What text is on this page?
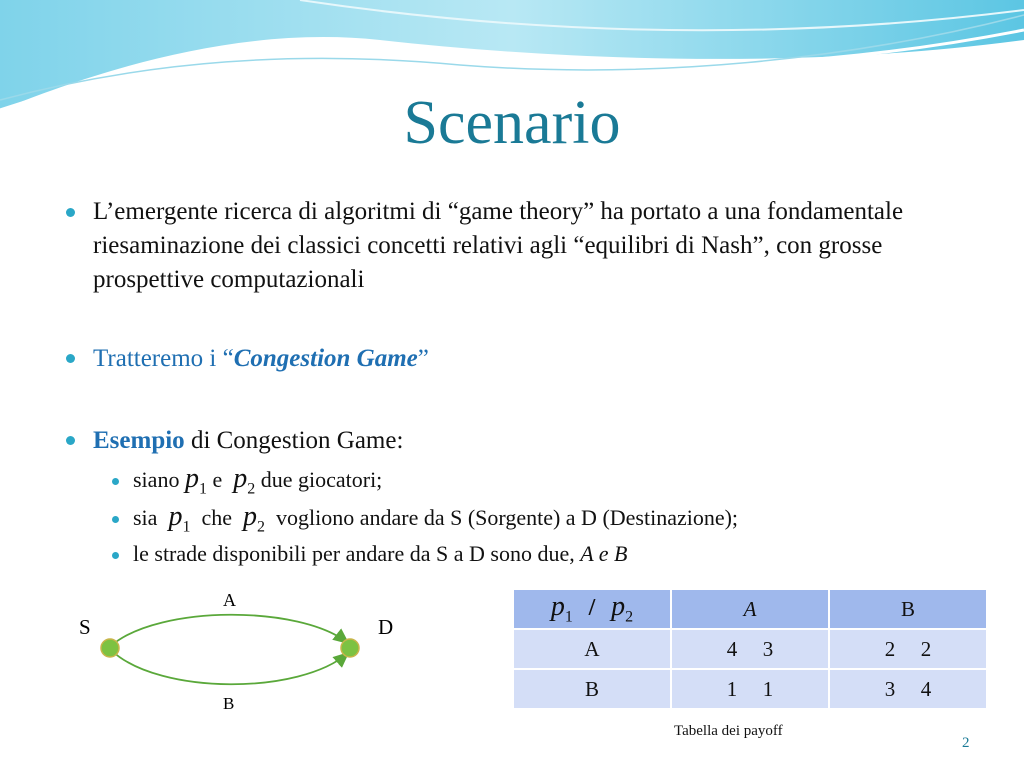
Scenario
L’emergente ricerca di algoritmi di “game theory” ha portato a una fondamentale riesaminazione dei classici concetti relativi agli “equilibri di Nash”, con grosse prospettive computazionali
Tratteremo i “Congestion Game”
Esempio di Congestion Game:
siano $p_1$ e  $p_2$ due giocatori;
sia  $p_1$  che  $p_2$  vogliono andare da S (Sorgente) a D (Destinazione);
le strade disponibili per andare da S a D sono due, A e B
S	D
A
B
$p_1 / p_2$	A	B
A	4 3	2 2
B	1 1	3 4
Tabella dei payoff
2
